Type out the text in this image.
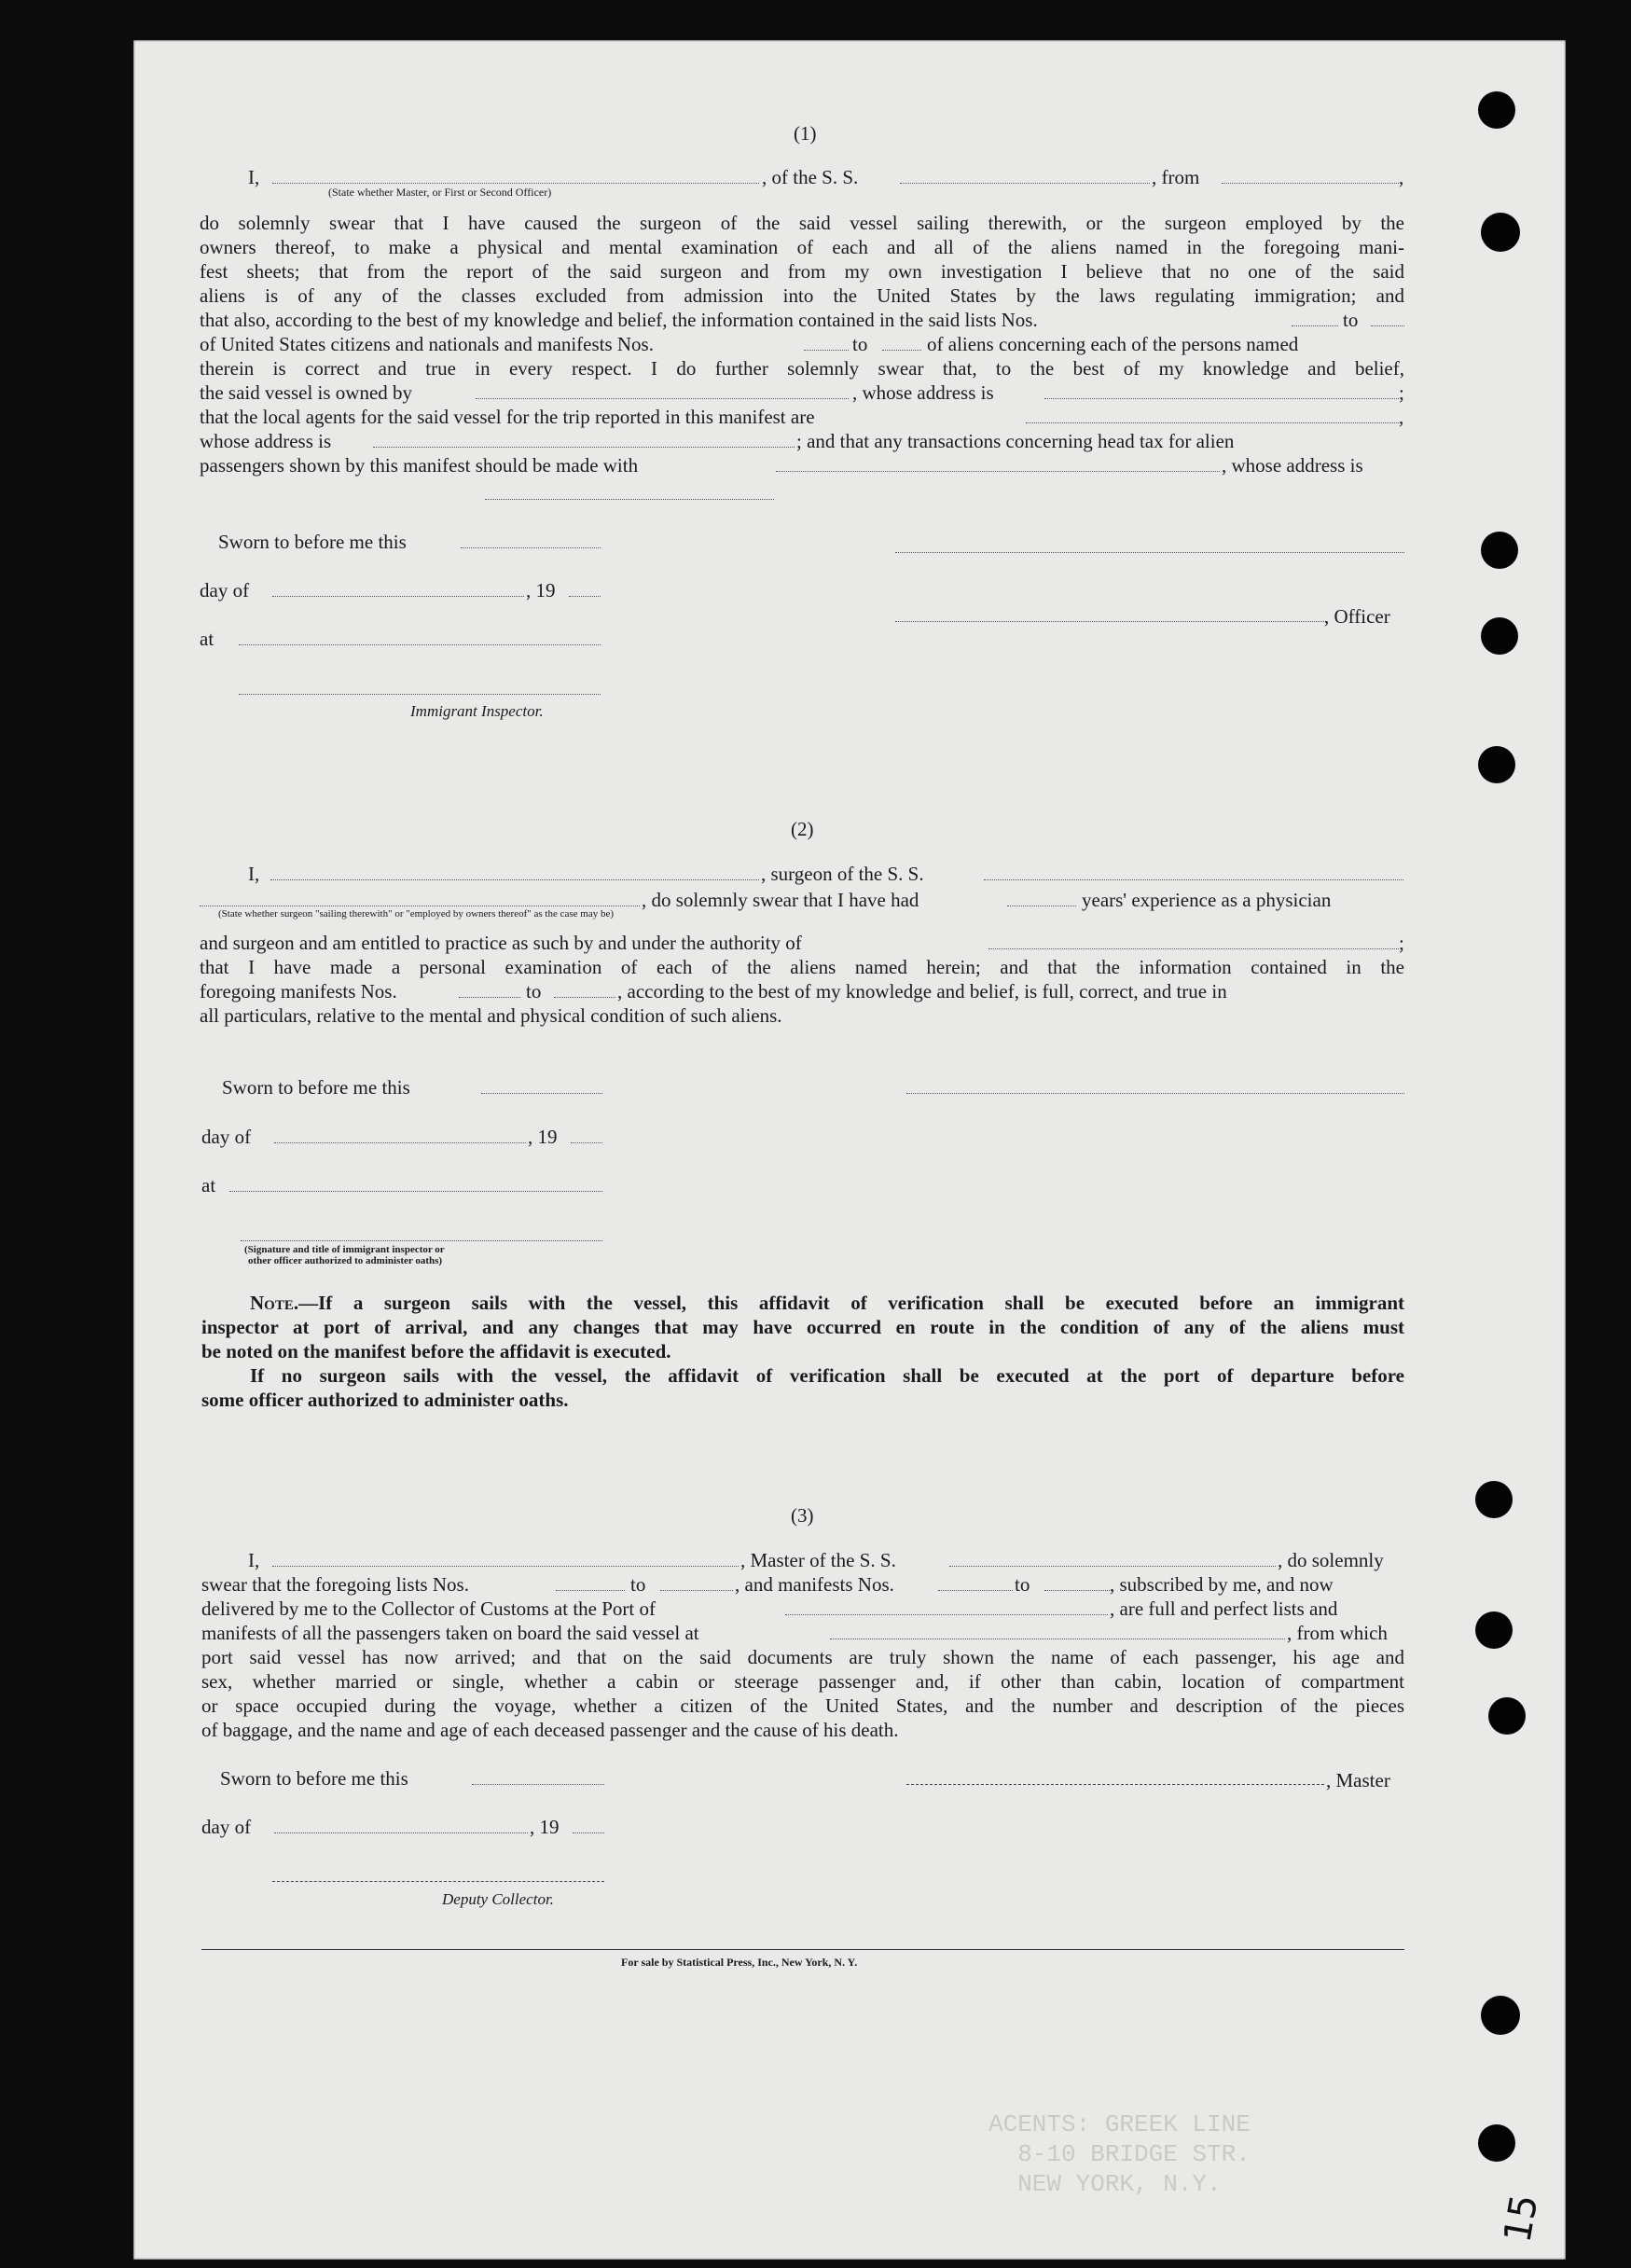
ACENTS: GREEK LINE
8-10 BRIDGE STR.
NEW YORK, N.Y.
15
(1)
I,	, of the S. S.	, from	,
(State whether Master, or First or Second Officer)
do solemnly swear that I have caused the surgeon of the said vessel sailing therewith, or the surgeon employed by the
owners thereof, to make a physical and mental examination of each and all of the aliens named in the foregoing mani-
fest sheets; that from the report of the said surgeon and from my own investigation I believe that no one of the said
aliens is of any of the classes excluded from admission into the United States by the laws regulating immigration; and
that also, according to the best of my knowledge and belief, the information contained in the said lists Nos.	to
of United States citizens and nationals and manifests Nos.	to	of aliens concerning each of the persons named
therein is correct and true in every respect. I do further solemnly swear that, to the best of my knowledge and belief,
the said vessel is owned by	, whose address is	;
that the local agents for the said vessel for the trip reported in this manifest are	,
whose address is	; and that any transactions concerning head tax for alien
passengers shown by this manifest should be made with	, whose address is
Sworn to before me this
day of	, 19
, Officer
at
Immigrant Inspector.
(2)
I,	, surgeon of the S. S.
, do solemnly swear that I have had	years' experience as a physician
(State whether surgeon "sailing therewith" or "employed by owners thereof" as the case may be)
and surgeon and am entitled to practice as such by and under the authority of	;
that I have made a personal examination of each of the aliens named herein; and that the information contained in the
foregoing manifests Nos.	to	, according to the best of my knowledge and belief, is full, correct, and true in
all particulars, relative to the mental and physical condition of such aliens.
Sworn to before me this
day of	, 19
at
(Signature and title of immigrant inspector or
other officer authorized to administer oaths)
Note.—If a surgeon sails with the vessel, this affidavit of verification shall be executed before an immigrant
inspector at port of arrival, and any changes that may have occurred en route in the condition of any of the aliens must
be noted on the manifest before the affidavit is executed.
If no surgeon sails with the vessel, the affidavit of verification shall be executed at the port of departure before
some officer authorized to administer oaths.
(3)
I,	, Master of the S. S.	, do solemnly
swear that the foregoing lists Nos.	to	, and manifests Nos.	to	, subscribed by me, and now
delivered by me to the Collector of Customs at the Port of	, are full and perfect lists and
manifests of all the passengers taken on board the said vessel at	, from which
port said vessel has now arrived; and that on the said documents are truly shown the name of each passenger, his age and
sex, whether married or single, whether a cabin or steerage passenger and, if other than cabin, location of compartment
or space occupied during the voyage, whether a citizen of the United States, and the number and description of the pieces
of baggage, and the name and age of each deceased passenger and the cause of his death.
Sworn to before me this	, Master
day of	, 19
Deputy Collector.
For sale by Statistical Press, Inc., New York, N. Y.
